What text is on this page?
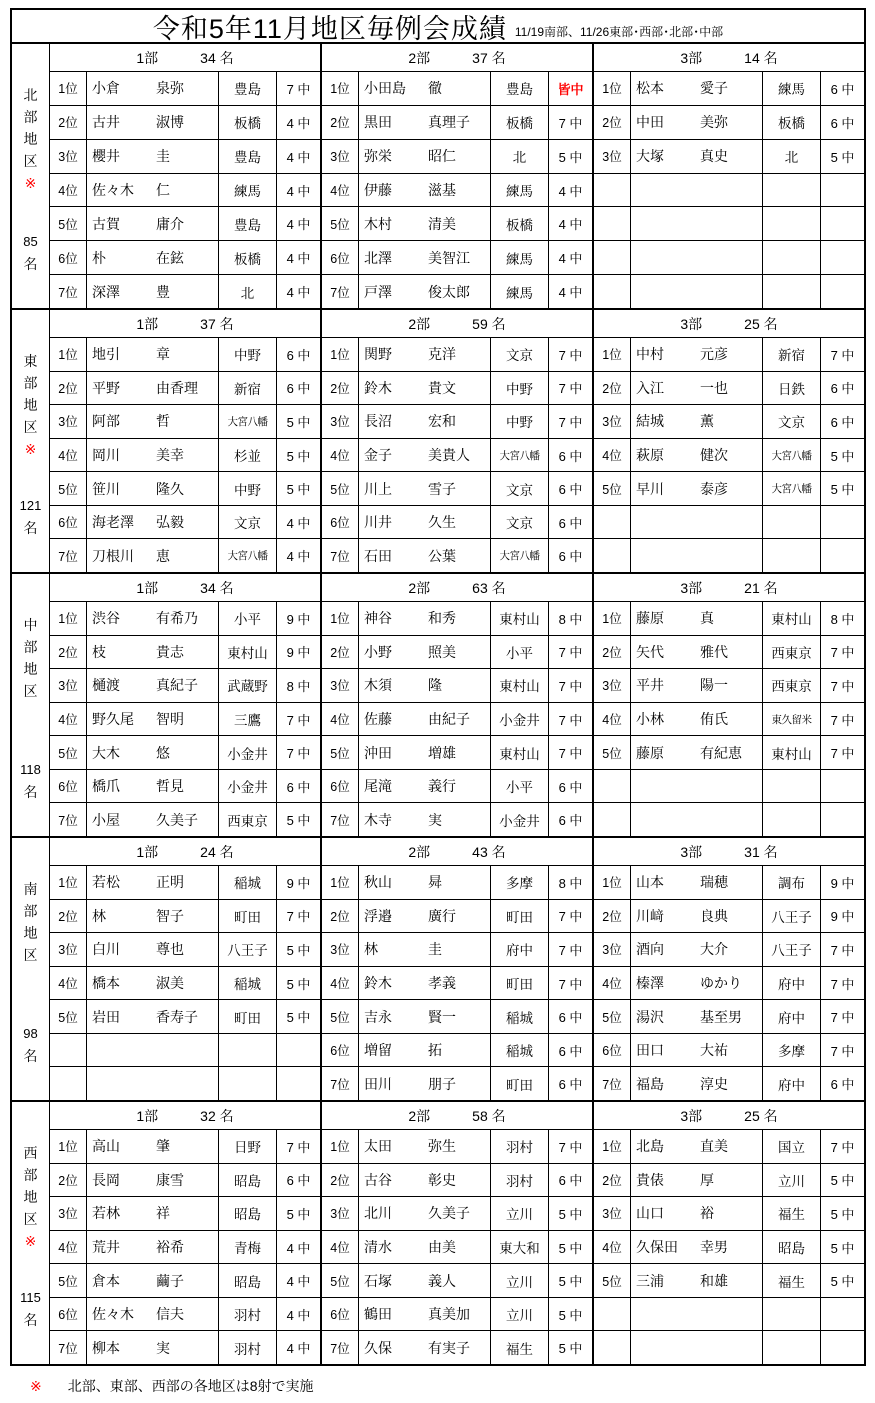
令和5年11月地区毎例会成績 11/19南部、11/26東部･西部･北部･中部
北部地区
※
85
名
1部	34 名
1位	小倉	泉弥	豊島	7 中
2位	古井	淑博	板橋	4 中
3位	櫻井	圭	豊島	4 中
4位	佐々木	仁	練馬	4 中
5位	古賀	庸介	豊島	4 中
6位	朴	在鉉	板橋	4 中
7位	深澤	豊	北	4 中
2部	37 名
1位	小田島	徹	豊島	皆中
2位	黒田	真理子	板橋	7 中
3位	弥栄	昭仁	北	5 中
4位	伊藤	滋基	練馬	4 中
5位	木村	清美	板橋	4 中
6位	北澤	美智江	練馬	4 中
7位	戸澤	俊太郎	練馬	4 中
3部	14 名
1位	松本	愛子	練馬	6 中
2位	中田	美弥	板橋	6 中
3位	大塚	真史	北	5 中
東部地区
※
121
名
1部	37 名
1位	地引	章	中野	6 中
2位	平野	由香理	新宿	6 中
3位	阿部	哲	大宮八幡	5 中
4位	岡川	美幸	杉並	5 中
5位	笹川	隆久	中野	5 中
6位	海老澤	弘毅	文京	4 中
7位	刀根川	恵	大宮八幡	4 中
2部	59 名
1位	関野	克洋	文京	7 中
2位	鈴木	貴文	中野	7 中
3位	長沼	宏和	中野	7 中
4位	金子	美貴人	大宮八幡	6 中
5位	川上	雪子	文京	6 中
6位	川井	久生	文京	6 中
7位	石田	公葉	大宮八幡	6 中
3部	25 名
1位	中村	元彦	新宿	7 中
2位	入江	一也	日鉄	6 中
3位	結城	薫	文京	6 中
4位	萩原	健次	大宮八幡	5 中
5位	早川	泰彦	大宮八幡	5 中
中部地区
118
名
1部	34 名
1位	渋谷	有希乃	小平	9 中
2位	枝	貴志	東村山	9 中
3位	樋渡	真紀子	武蔵野	8 中
4位	野久尾	智明	三鷹	7 中
5位	大木	悠	小金井	7 中
6位	橋爪	哲見	小金井	6 中
7位	小屋	久美子	西東京	5 中
2部	63 名
1位	神谷	和秀	東村山	8 中
2位	小野	照美	小平	7 中
3位	木須	隆	東村山	7 中
4位	佐藤	由紀子	小金井	7 中
5位	沖田	増雄	東村山	7 中
6位	尾滝	義行	小平	6 中
7位	木寺	実	小金井	6 中
3部	21 名
1位	藤原	真	東村山	8 中
2位	矢代	雅代	西東京	7 中
3位	平井	陽一	西東京	7 中
4位	小林	侑氏	東久留米	7 中
5位	藤原	有紀恵	東村山	7 中
南部地区
98
名
1部	24 名
1位	若松	正明	稲城	9 中
2位	林	智子	町田	7 中
3位	白川	尊也	八王子	5 中
4位	橋本	淑美	稲城	5 中
5位	岩田	香寿子	町田	5 中
2部	43 名
1位	秋山	曻	多摩	8 中
2位	浮邉	廣行	町田	7 中
3位	林	圭	府中	7 中
4位	鈴木	孝義	町田	7 中
5位	吉永	賢一	稲城	6 中
6位	増留	拓	稲城	6 中
7位	田川	朋子	町田	6 中
3部	31 名
1位	山本	瑞穂	調布	9 中
2位	川﨑	良典	八王子	9 中
3位	酒向	大介	八王子	7 中
4位	榛澤	ゆかり	府中	7 中
5位	湯沢	基至男	府中	7 中
6位	田口	大祐	多摩	7 中
7位	福島	淳史	府中	6 中
西部地区
※
115
名
1部	32 名
1位	高山	肇	日野	7 中
2位	長岡	康雪	昭島	6 中
3位	若林	祥	昭島	5 中
4位	荒井	裕希	青梅	4 中
5位	倉本	繭子	昭島	4 中
6位	佐々木	信夫	羽村	4 中
7位	柳本	実	羽村	4 中
2部	58 名
1位	太田	弥生	羽村	7 中
2位	古谷	彰史	羽村	6 中
3位	北川	久美子	立川	5 中
4位	清水	由美	東大和	5 中
5位	石塚	義人	立川	5 中
6位	鶴田	真美加	立川	5 中
7位	久保	有実子	福生	5 中
3部	25 名
1位	北島	直美	国立	7 中
2位	貴俵	厚	立川	5 中
3位	山口	裕	福生	5 中
4位	久保田	幸男	昭島	5 中
5位	三浦	和雄	福生	5 中
※ 北部、東部、西部の各地区は8射で実施
